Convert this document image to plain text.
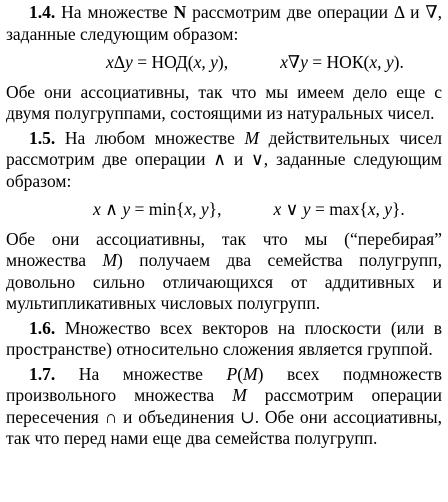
1.4. На множестве N рассмотрим две операции Δ и ∇, заданные следующим образом:

xΔy = НОД(x, y),	x∇y = НОК(x, y).

Обе они ассоциативны, так что мы имеем дело еще с двумя полугруппами, состоящими из натуральных чисел.

1.5. На любом множестве M действительных чисел рассмотрим две операции ∧ и ∨, заданные следующим образом:

x ∧ y = min{x, y},	x ∨ y = max{x, y}.

Обе они ассоциативны, так что мы (“перебирая” множества M) получаем два семейства полугрупп, довольно сильно отличающихся от аддитивных и мультипликативных числовых полугрупп.

1.6. Множество всех векторов на плоскости (или в пространстве) относительно сложения является группой.

1.7. На множестве P(M) всех подмножеств произвольного множества M рассмотрим операции пересечения ∩ и объединения ∪. Обе они ассоциативны, так что перед нами еще два семейства полугрупп.
